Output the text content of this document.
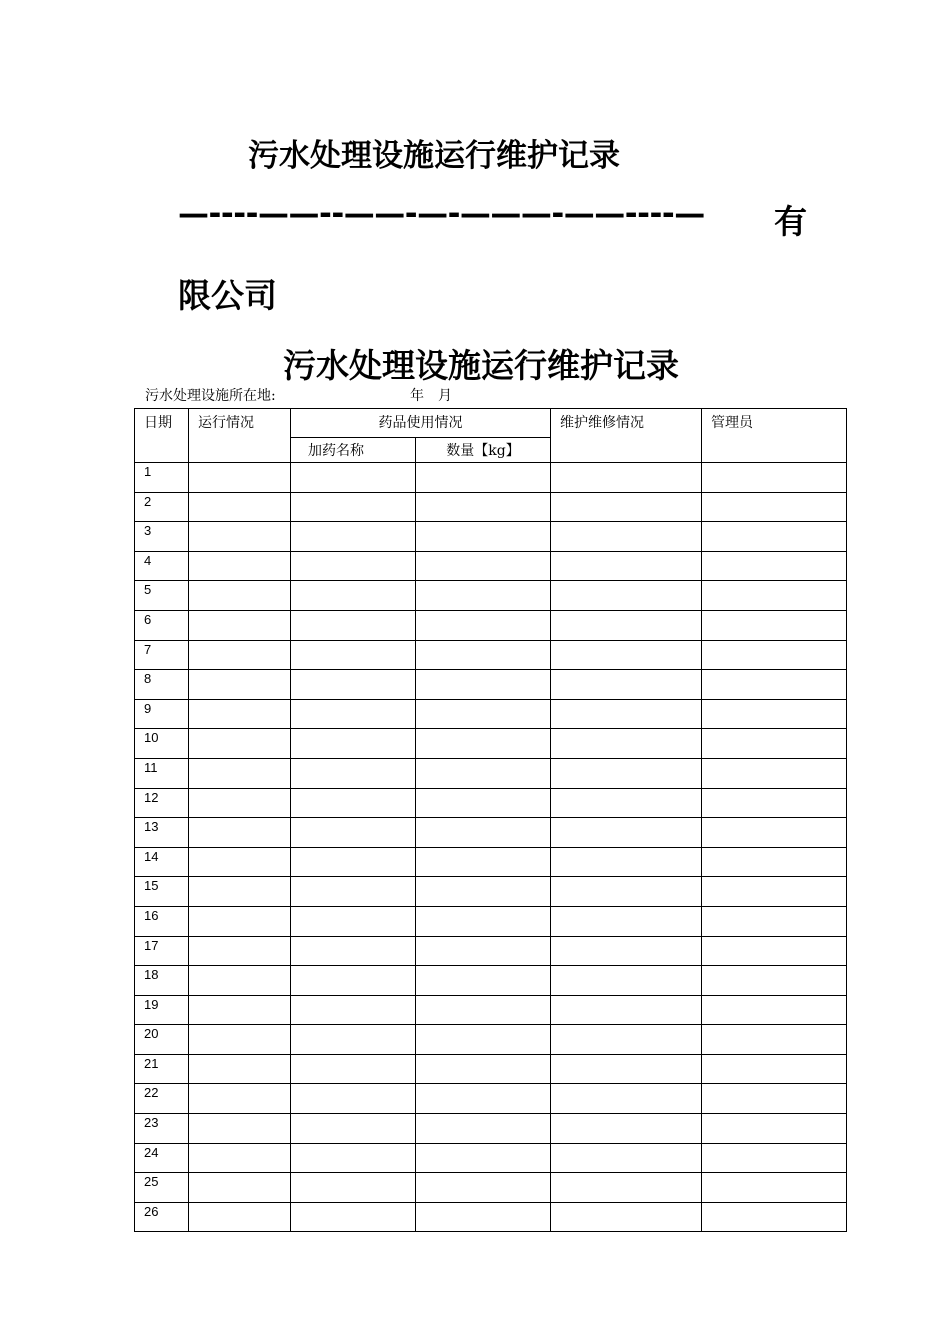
污水处理设施运行维护记录
—----——--——-—-———-——----— 有
限公司
污水处理设施运行维护记录
污水处理设施所在地:	年 月
日期	运行情况	药品使用情况		维护维修情况	管理员
		加药名称	数量【kg】		
1					
2					
3					
4					
5					
6					
7					
8					
9					
10					
11					
12					
13					
14					
15					
16					
17					
18					
19					
20					
21					
22					
23					
24					
25					
26					
